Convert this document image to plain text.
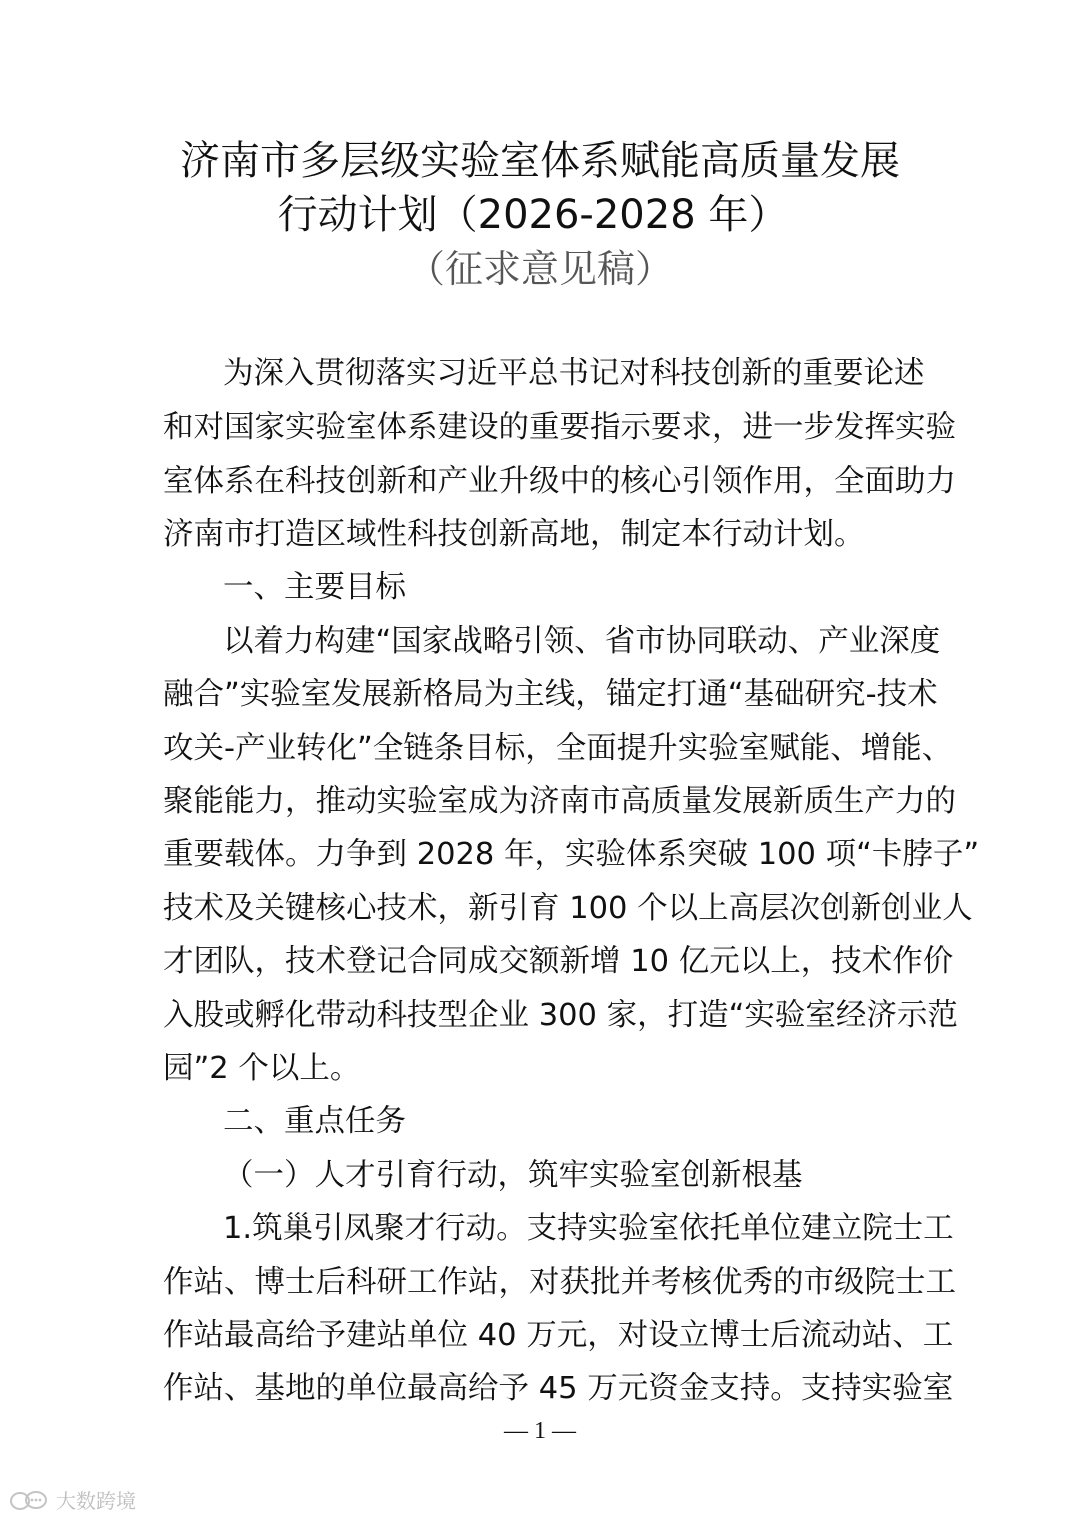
济南市多层级实验室体系赋能高质量发展
行动计划（2026-2028 年）
（征求意见稿）
为深入贯彻落实习近平总书记对科技创新的重要论述
和对国家实验室体系建设的重要指示要求，进一步发挥实验
室体系在科技创新和产业升级中的核心引领作用，全面助力
济南市打造区域性科技创新高地，制定本行动计划。
一、主要目标
以着力构建“国家战略引领、省市协同联动、产业深度
融合”实验室发展新格局为主线，锚定打通“基础研究-技术
攻关-产业转化”全链条目标，全面提升实验室赋能、增能、
聚能能力，推动实验室成为济南市高质量发展新质生产力的
重要载体。力争到 2028 年，实验体系突破 100 项“卡脖子”
技术及关键核心技术，新引育 100 个以上高层次创新创业人
才团队，技术登记合同成交额新增 10 亿元以上，技术作价
入股或孵化带动科技型企业 300 家，打造“实验室经济示范
园”2 个以上。
二、重点任务
（一）人才引育行动，筑牢实验室创新根基
1.筑巢引凤聚才行动。支持实验室依托单位建立院士工
作站、博士后科研工作站，对获批并考核优秀的市级院士工
作站最高给予建站单位 40 万元，对设立博士后流动站、工
作站、基地的单位最高给予 45 万元资金支持。支持实验室
— 1 —
大数跨境
